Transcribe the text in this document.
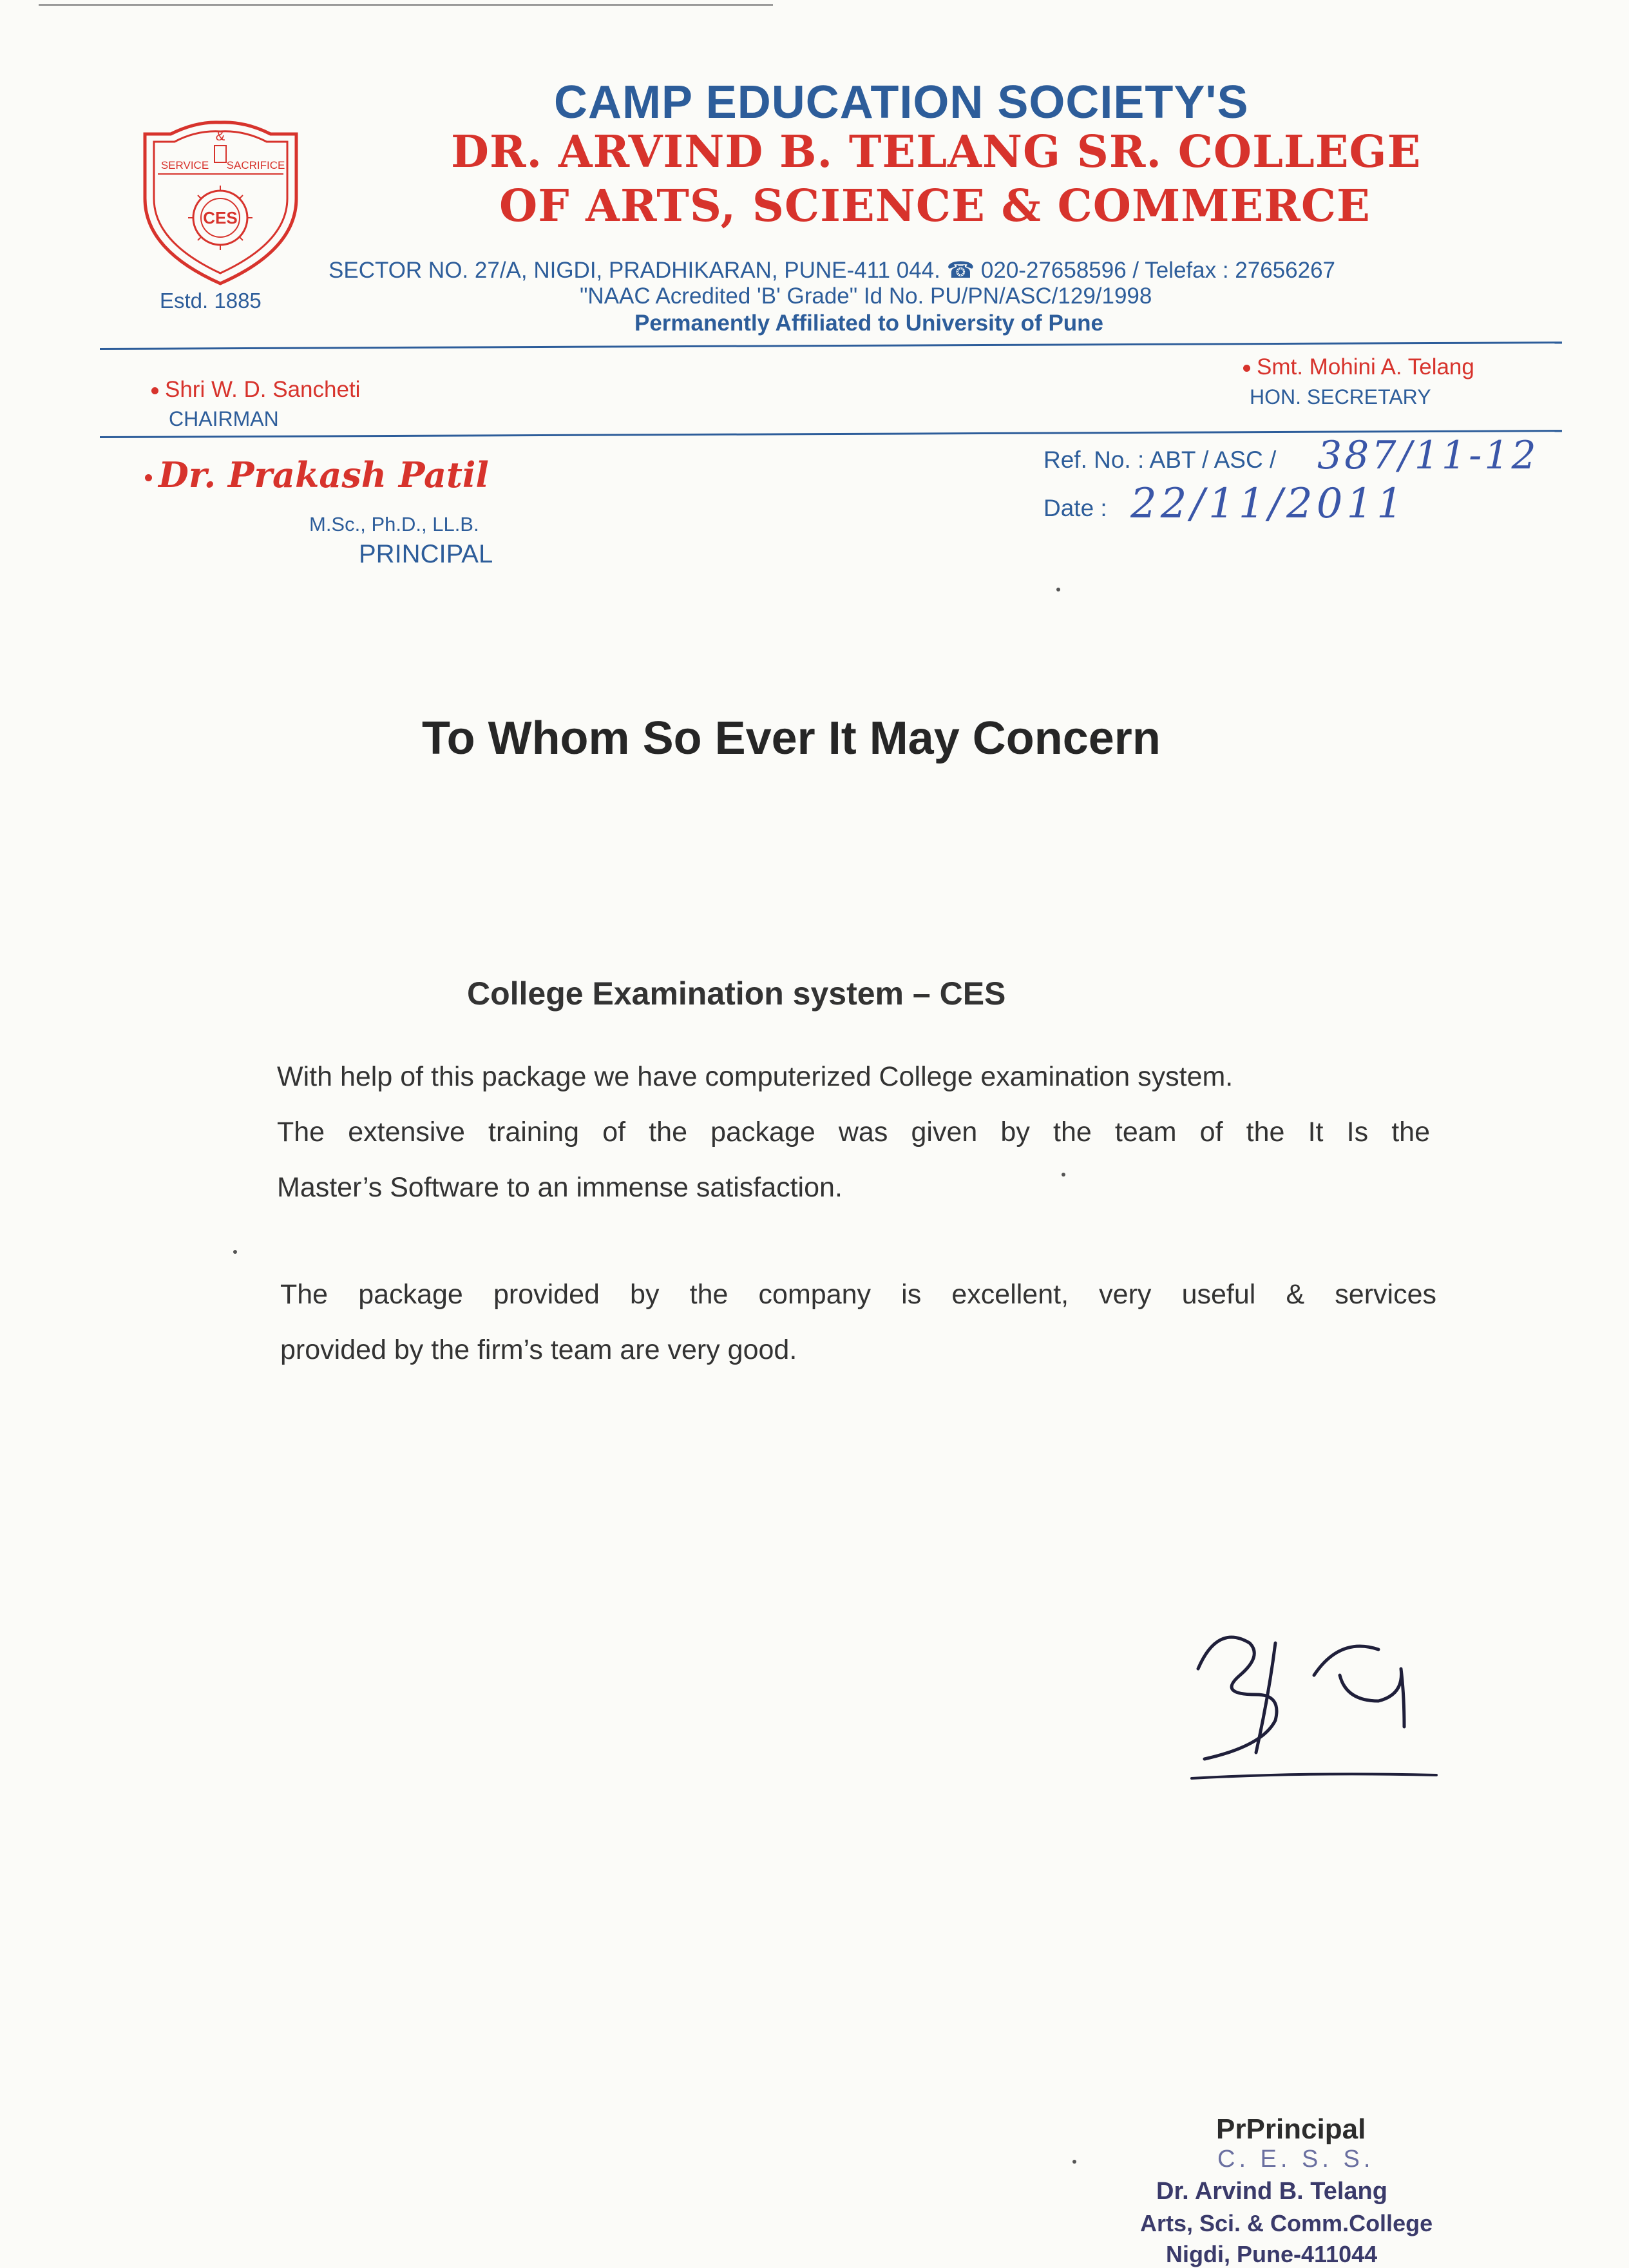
&
SERVICE SACRIFICE
CES
Estd. 1885
CAMP EDUCATION SOCIETY'S
DR. ARVIND B. TELANG SR. COLLEGE
OF ARTS, SCIENCE & COMMERCE
SECTOR NO. 27/A, NIGDI, PRADHIKARAN, PUNE-411 044. ☎ 020-27658596 / Telefax : 27656267
"NAAC Acredited 'B' Grade" Id No. PU/PN/ASC/129/1998
Permanently Affiliated to University of Pune
Shri W. D. Sancheti
CHAIRMAN
Smt. Mohini A. Telang
HON. SECRETARY
Dr. Prakash Patil
M.Sc., Ph.D., LL.B.
PRINCIPAL
Ref. No. : ABT / ASC / 387/11-12
Date : 22/11/2011
To Whom So Ever It May Concern
College Examination system – CES
With help of this package we have computerized College examination system.

The extensive training of the package was given by the team of the It Is the
Master’s Software to an immense satisfaction.
The package provided by the company is excellent, very useful & services
provided by the firm’s team are very good.
PrPrincipal
C. E. S. S.
Dr. Arvind B. Telang
Arts, Sci. & Comm.College
Nigdi, Pune-411044
